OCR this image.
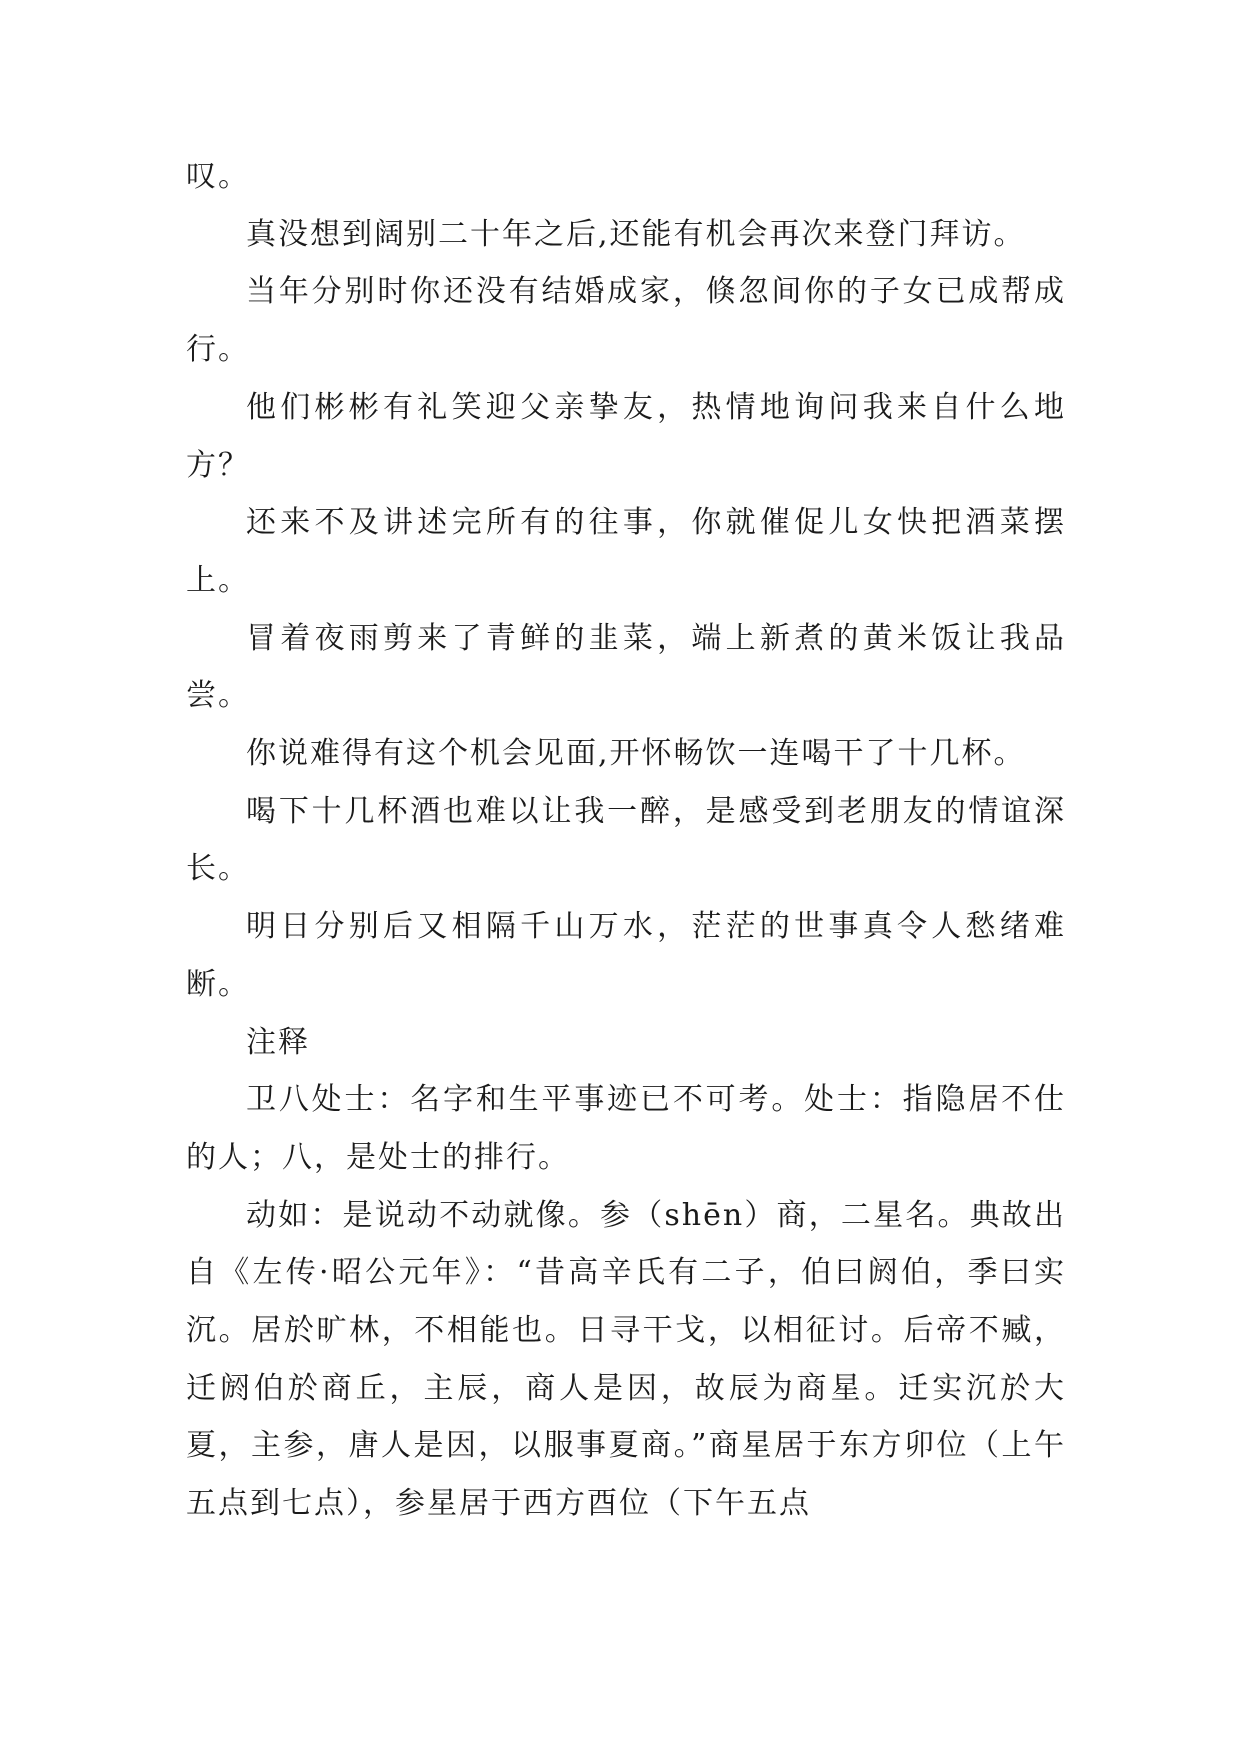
叹。

真没想到阔别二十年之后,还能有机会再次来登门拜访。

当年分别时你还没有结婚成家，倏忽间你的子女已成帮成行。

他们彬彬有礼笑迎父亲挚友，热情地询问我来自什么地方？

还来不及讲述完所有的往事，你就催促儿女快把酒菜摆上。

冒着夜雨剪来了青鲜的韭菜，端上新煮的黄米饭让我品尝。

你说难得有这个机会见面,开怀畅饮一连喝干了十几杯。

喝下十几杯酒也难以让我一醉，是感受到老朋友的情谊深长。

明日分别后又相隔千山万水，茫茫的世事真令人愁绪难断。

注释

卫八处士：名字和生平事迹已不可考。处士：指隐居不仕的人；八，是处士的排行。

动如：是说动不动就像。参（shēn）商，二星名。典故出自《左传·昭公元年》：“昔高辛氏有二子，伯曰阏伯，季曰实沉。居於旷林，不相能也。日寻干戈，以相征讨。后帝不臧，迁阏伯於商丘，主辰，商人是因，故辰为商星。迁实沉於大夏，主参，唐人是因，以服事夏商。”商星居于东方卯位（上午五点到七点），参星居于西方酉位（下午五点
